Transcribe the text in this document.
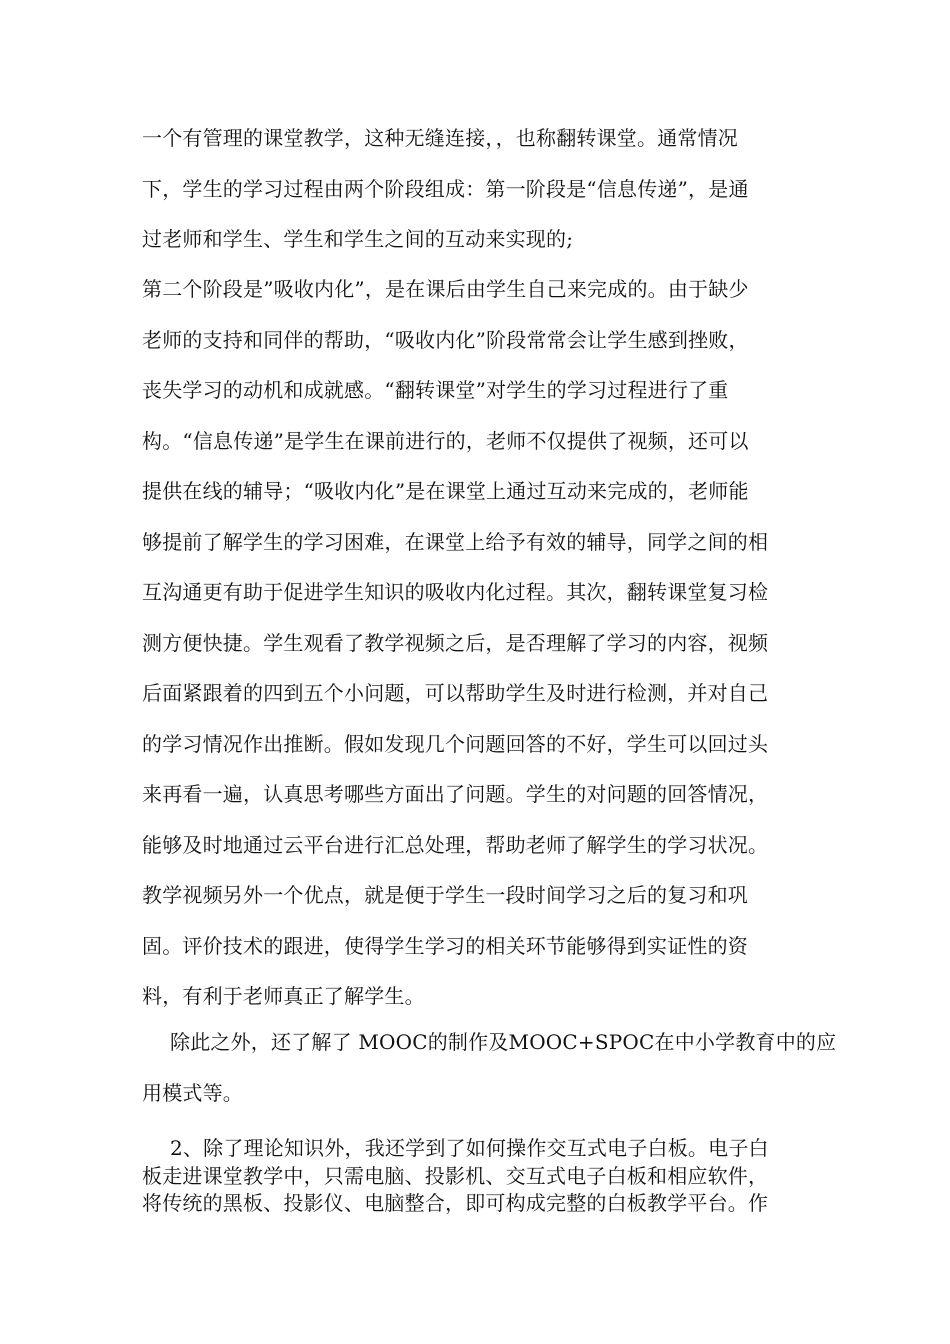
一个有管理的课堂教学，这种无缝连接，，也称翻转课堂。通常情况
下，学生的学习过程由两个阶段组成：第一阶段是“信息传递”，是通
过老师和学生、学生和学生之间的互动来实现的;
第二个阶段是”吸收内化”，是在课后由学生自己来完成的。由于缺少
老师的支持和同伴的帮助，“吸收内化”阶段常常会让学生感到挫败，
丧失学习的动机和成就感。“翻转课堂”对学生的学习过程进行了重
构。“信息传递”是学生在课前进行的，老师不仅提供了视频，还可以
提供在线的辅导；“吸收内化”是在课堂上通过互动来完成的，老师能
够提前了解学生的学习困难，在课堂上给予有效的辅导，同学之间的相
互沟通更有助于促进学生知识的吸收内化过程。其次，翻转课堂复习检
测方便快捷。学生观看了教学视频之后，是否理解了学习的内容，视频
后面紧跟着的四到五个小问题，可以帮助学生及时进行检测，并对自己
的学习情况作出推断。假如发现几个问题回答的不好，学生可以回过头
来再看一遍，认真思考哪些方面出了问题。学生的对问题的回答情况，
能够及时地通过云平台进行汇总处理，帮助老师了解学生的学习状况。
教学视频另外一个优点，就是便于学生一段时间学习之后的复习和巩
固。评价技术的跟进，使得学生学习的相关环节能够得到实证性的资
料，有利于老师真正了解学生。
除此之外，还了解了 MOOC的制作及MOOC+SPOC在中小学教育中的应
用模式等。
2、除了理论知识外，我还学到了如何操作交互式电子白板。电子白
板走进课堂教学中，只需电脑、投影机、交互式电子白板和相应软件，
将传统的黑板、投影仪、电脑整合，即可构成完整的白板教学平台。作
